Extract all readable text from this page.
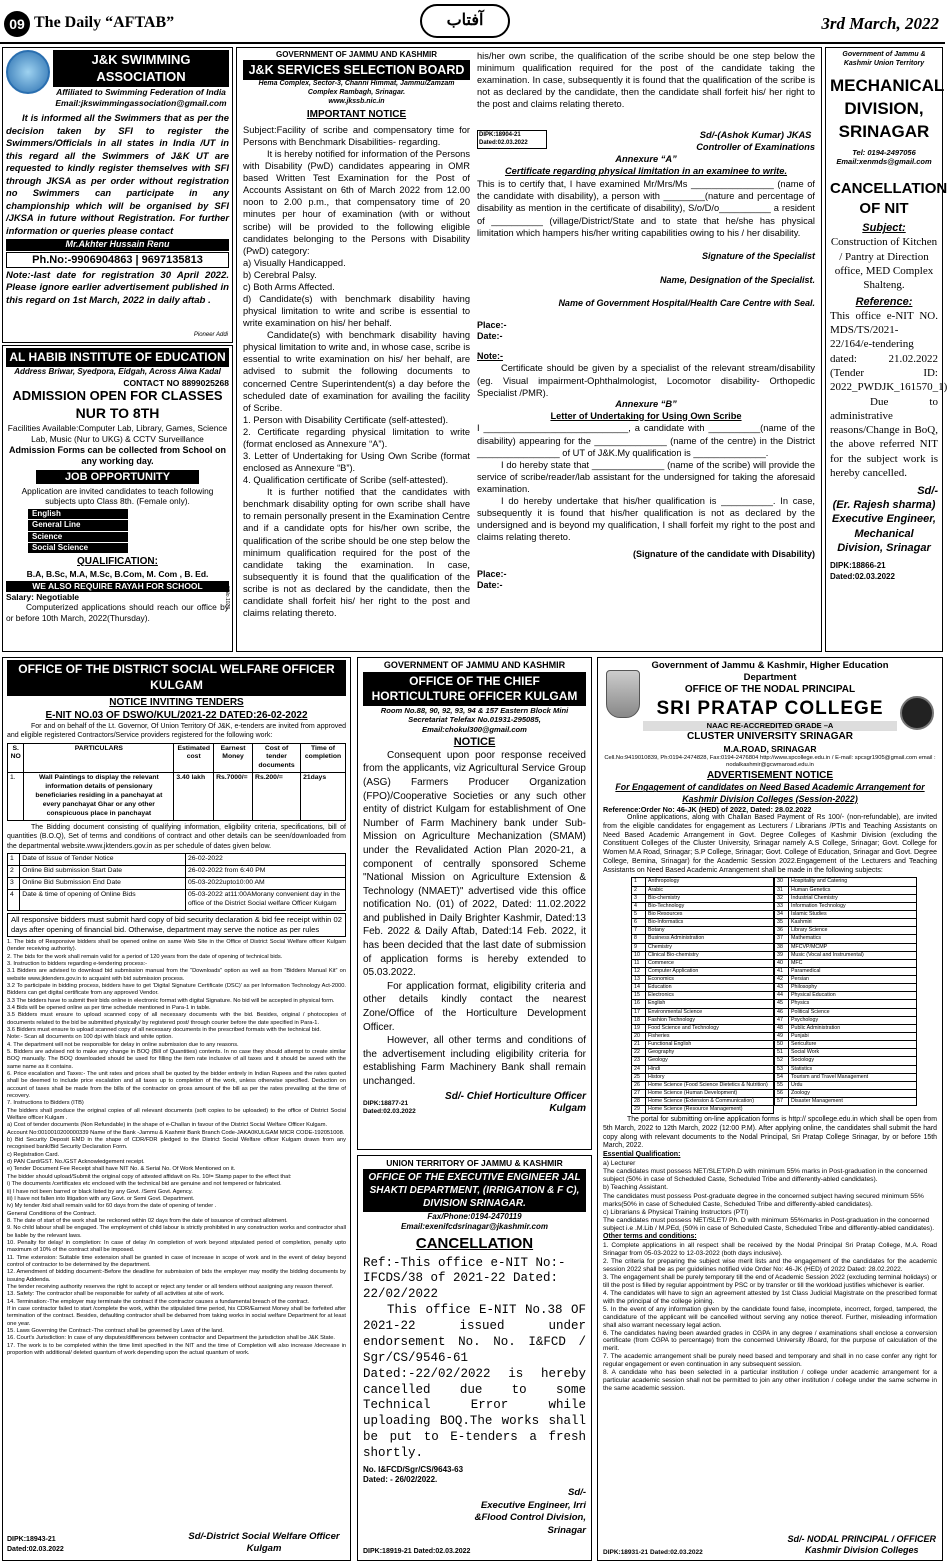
09 The Daily “AFTAB”	آفتاب	3rd March, 2022
J&K SWIMMING ASSOCIATION
Affiliated to Swimming Federation of India
Email:jkswimmingassociation@gmail.com
It is informed all the Swimmers that as per the decision taken by SFI to register the Swimmers/Officials in all states in India /UT in this regard all the Swimmers of J&K UT are requested to kindly register themselves with SFI through JKSA as per order without registration no Swimmers can participate in any championship which will be organised by SFI /JKSA in future without Registration. For further information or queries please contact
Mr.Akhter Hussain Renu
Ph.No:-9906904863 | 9697135813
Note:-last date for registration 30 April 2022. Please ignore earlier advertisement published in this regard on 1st March, 2022 in daily aftab .
Pioneer Addi
AL HABIB INSTITUTE OF EDUCATION
Address Briwar, Syedpora, Eidgah, Across Aiwa Kadal
CONTACT NO 8899025268
ADMISSION OPEN FOR CLASSES
NUR TO 8TH
Facilities Available:Computer Lab, Library, Games, Science Lab, Music (Nur to UKG) & CCTV Surveillance
Admission Forms can be collected from School on any working day.
JOB OPPORTUNITY
Application are invited candidates to teach following subjects upto Class 8th. (Female only).
English
General Line
Science
Social Science
QUALIFICATION:
B.A, B.Sc, M.A, M.Sc, B.Com, M. Com , B. Ed.
WE ALSO REQUIRE RAYAH FOR SCHOOL
Salary: Negotiable
Computerized applications should reach our office by or before 10th March, 2022(Thursday).
8/No.1023
GOVERNMENT OF JAMMU AND KASHMIR
J&K SERVICES SELECTION BOARD
Hema Complex, Sector-3, Channi Himmat, Jammu/Zamzam Complex Rambagh, Srinagar.
www.jkssb.nic.in
IMPORTANT NOTICE
Subject:Facility of scribe and compensatory time for Persons with Benchmark Disabilities- regarding.
It is hereby notified for information of the Persons with Disability (PwD) candidates appearing in OMR based Written Test Examination for the Post of Accounts Assistant on 6th of March 2022 from 12.00 noon to 2.00 p.m., that compensatory time of 20 minutes per hour of examination (with or without scribe) will be provided to the following eligible candidates belonging to the Persons with Disability (PwD) category:
a) Visually Handicapped.
b) Cerebral Palsy.
c) Both Arms Affected.
d) Candidate(s) with benchmark disability having physical limitation to write and scribe is essential to write examination on his/ her behalf.
Candidate(s) with benchmark disability having physical limitation to write and, in whose case, scribe is essential to write examination on his/ her behalf, are advised to submit the following documents to concerned Centre Superintendent(s) a day before the scheduled date of examination for availing the facility of Scribe.
1. Person with Disability Certificate (self-attested).
2. Certificate regarding physical limitation to write (format enclosed as Annexure “A”).
3. Letter of Undertaking for Using Own Scribe (format enclosed as Annexure “B”).
4. Qualification certificate of Scribe (self-attested).
It is further notified that the candidates with benchmark disability opting for own scribe shall have to remain personally present in the Examination Centre and if a candidate opts for his/her own scribe, the qualification of the scribe should be one step below the minimum qualification required for the post of the candidate taking the examination. In case, subsequently it is found that the qualification of the scribe is not as declared by the candidate, then the candidate shall forfeit his/ her right to the post and claims relating thereto.
his/her own scribe, the qualification of the scribe should be one step below the minimum qualification required for the post of the candidate taking the examination. In case, subsequently it is found that the qualification of the scribe is not as declared by the candidate, then the candidate shall forfeit his/ her right to the post and claims relating thereto.
DIPK:18904-21 Dated:02.03.2022
Sd/-(Ashok Kumar) JKAS
Controller of Examinations
Annexure “A”
Certificate regarding physical limitation in an examinee to write.
This is to certify that, I have examined Mr/Mrs/Ms ________________ (name of the candidate with disability), a person with ________(nature and percentage of disability as mention in the certificate of disability), S/o/D/o__________ a resident of __________ (village/District/State and to state that he/she has physical limitation which hampers his/her writing capabilities owing to his / her disability.
Signature of the Specialist
Name, Designation of the Specialist.
Name of Government Hospital/Health Care Centre with Seal.
Place:-
Date:-
Note:-
Certificate should be given by a specialist of the relevant stream/disability (eg. Visual impairment-Ophthalmologist, Locomotor disability- Orthopedic Specialist /PMR).
Annexure “B”
Letter of Undertaking for Using Own Scribe
I ____________________________, a candidate with __________(name of the disability) appearing for the ______________ (name of the centre) in the District ________________ of UT of J&K.My qualification is ______________.
I do hereby state that ______________ (name of the scribe) will provide the service of scribe/reader/lab assistant for the undersigned for taking the aforesaid examination.
I do hereby undertake that his/her qualification is __________. In case, subsequently it is found that his/her qualification is not as declared by the undersigned and is beyond my qualification, I shall forfeit my right to the post and claims relating thereto.
(Signature of the candidate with Disability)
Place:-
Date:-
Government of Jammu & Kashmir Union Territory
MECHANICAL DIVISION, SRINAGAR
Tel: 0194-2497056
Email:xenmds@gmail.com
CANCELLATION OF NIT
Subject:
Construction of Kitchen / Pantry at Direction office, MED Complex Shalteng.
Reference:
This office e-NIT NO. MDS/TS/2021-22/164/e-tendering dated: 21.02.2022 (Tender ID: 2022_PWDJK_161570_1)
Due to administrative reasons/Change in BoQ, the above referred NIT for the subject work is hereby cancelled.
Sd/-
(Er. Rajesh sharma)
Executive Engineer, Mechanical Division, Srinagar
DIPK:18866-21
Dated:02.03.2022
OFFICE OF THE DISTRICT SOCIAL WELFARE OFFICER KULGAM
NOTICE INVITING TENDERS
E-NIT NO.03 OF DSWO/KUL/2021-22 DATED:26-02-2022
For and on behalf of the Lt. Governor, Of Union Territory Of J&K, e-tenders are invited from approved and eligible registered Contractors/Service providers registered for the following work:
S. NO	PARTICULARS	Estimated cost	Earnest Money	Cost of tender documents	Time of completion
1.	Wall Paintings to display the relevant information details of pensionary beneficiaries residing in a panchayat at every panchayat Ghar or any other conspicuous place in panchayat	3.40 lakh	Rs.7000/=	Rs.200/=	21days
The Bidding document consisting of qualifying information, eligibility criteria, specifications, bill of quantities (B.O.Q), Set of terms and conditions of contract and other details can be seen/downloaded from the departmental website.www.jktenders.gov.in as per schedule of dates given below.
1	Date of Issue of Tender Notice	26-02-2022
2	Online Bid submission Start Date	26-02-2022 from 6:40 PM
3	Online Bid Submission End Date	05-03-2022upto10:00 AM
4	Date & time of opening of Online Bids	05-03-2022 at11:00AMorany convenient day in the office of the District Social welfare Officer Kulgam
All responsive bidders must submit hard copy of bid security declaration & bid fee receipt within 02 days after opening of financial bid. Otherwise, department may serve the notice as per rules
1. The bids of Responsive bidders shall be opened online on same Web Site in the Office of District Social Welfare officer Kulgam (tender receiving authority).
2. The bids for the work shall remain valid for a period of 120 years from the date of opening of technical bids.
3. Instruction to bidders regarding e-tendering process:-
3.1 Bidders are advised to download bid submission manual from the “Downloads” option as well as from “Bidders Manual Kit” on website www.jktenders.gov.in to acquaint with bid submission process.
3.2 To participate in bidding process, bidders have to get ‘Digital Signature Certificate (DSC)’ as per Information Technology Act-2000. Bidders can get digital certificate from any approved Vendor.
3.3 The bidders have to submit their bids online in electronic format with digital Signature. No bid will be accepted in physical form.
3.4 Bids will be opened online as per time schedule mentioned in Para-1 in table.
3.5 Bidders must ensure to upload scanned copy of all necessary documents with the bid. Besides, original / photocopies of documents related to the bid be submitted physically/ by registered post/ through courier before the date specified in Para-1.
3.6 Bidders must ensure to upload scanned copy of all necessary documents in the prescribed formats with the technical bid.
Note:- Scan all documents on 100 dpi with black and white option.
4. The department will not be responsible for delay in online submission due to any reasons.
5. Bidders are advised not to make any change in BOQ (Bill of Quantities) contents. In no case they should attempt to create similar BOQ manually. The BOQ downloaded should be used for filling the item rate inclusive of all taxes and it should be saved with the same name as it contains.
6. Price escalation and Taxes:- The unit rates and prices shall be quoted by the bidder entirely in Indian Rupees and the rates quoted shall be deemed to include price escalation and all taxes up to completion of the work, unless otherwise specified. Deduction on account of taxes shall be made from the bills of the contractor on gross amount of the bill as per the rates prevailing at the time of recovery.
7. Instructions to Bidders (ITB)
The bidders shall produce the original copies of all relevant documents (soft copies to be uploaded) to the office of District Social Welfare officer Kulgam .
a) Cost of tender documents (Non Refundable) in the shape of e-Challan in favour of the District Social Welfare Officer Kulgam.
Account No:0010010200000339 Name of the Bank -Jammu & Kashmir Bank Branch Code-JAKA0KULGAM MICR CODE-192051008.
b) Bid Security Deposit EMD in the shape of CDR/FDR pledged to the District Social Welfare officer Kulgam drawn from any recognised bank/Bid Security Declaration Form.
c) Registration Card.
d) PAN Card/GST. No./GST Acknowledgement receipt.
e) Tender Document Fee Receipt shall have NIT No. & Serial No. Of Work Mentioned on it.
The bidder should upload/Submit the original copy of attested affidavit on Rs. 10/= Stamp paper to the effect that:
i) The documents /certificates etc enclosed with the technical bid are genuine and not tempered or fabricated.
ii) I have not been barred or black listed by any Govt. /Semi Govt. Agency.
iii) I have not fallen into litigation with any Govt. or Semi Govt. Department.
iv) My tender /bid shall remain valid for 60 days from the date of opening of tender .
General Conditions of the Contract.
8. The date of start of the work shall be reckoned within 02 days from the date of issuance of contract allotment.
9. No child labour shall be engaged. The employment of child labour is strictly prohibited in any construction works and contractor shall be liable by the relevant laws.
10. Penalty for delay/ in completion: In case of delay /in completion of work beyond stipulated period of completion, penalty upto maximum of 10% of the contract shall be imposed.
11. Time extension: Suitable time extension shall be granted in case of increase in scope of work and in the event of delay beyond control of contractor to be determined by the department.
12. Amendment of bidding document:-Before the deadline for submission of bids the employer may modify the bidding documents by issuing Addenda.
The tender receiving authority reserves the right to accept or reject any tender or all tenders without assigning any reason thereof.
13. Safety: The contractor shall be responsible for safety of all activities at site of work.
14. Termination:-The employer may terminate the contract if the contractor causes a fundamental breach of the contract.
If in case contractor failed to start /complete the work, within the stipulated time period, his CDR/Earnest Money shall be forfeited after termination of the contract. Besides, defaulting contractor shall be debarred from taking works in social welfare Department for at least one year.
15. Laws Governing the Contract:-The contract shall be governed by Laws of the land.
16. Court’s Jurisdiction: In case of any disputes/differences between contractor and Department the jurisdiction shall be J&K State.
17. The work is to be completed within the time limit specified in the NIT and the time of Completion will also increase /decrease in proportion with additional/ deleted quantum of work depending upon the actual quantum of work.
DIPK:18943-21
Dated:02.03.2022
Sd/-District Social Welfare Officer
Kulgam
GOVERNMENT OF JAMMU AND KASHMIR
OFFICE OF THE CHIEF HORTICULTURE OFFICER KULGAM
Room No.88, 90, 92, 93, 94 & 157 Eastern Block Mini Secretariat Telefax No.01931-295085, Email:chokul300@gmail.com
NOTICE
Consequent upon poor response received from the applicants, viz Agricultural Service Group (ASG) Farmers Producer Organization (FPO)/Cooperative Societies or any such other entity of district Kulgam for establishment of One Number of Farm Machinery bank under Sub-Mission on Agriculture Mechanization (SMAM) under the Revalidated Action Plan 2020-21, a component of centrally sponsored Scheme "National Mission on Agriculture Extension & Technology (NMAET)" advertised vide this office notification No. (01) of 2022, Dated: 11.02.2022 and published in Daily Brighter Kashmir, Dated:13 Feb. 2022 & Daily Aftab, Dated:14 Feb. 2022, it has been decided that the last date of submission of application forms is hereby extended to 05.03.2022.
For application format, eligibility criteria and other details kindly contact the nearest Zone/Office of the Horticulture Development Officer.
However, all other terms and conditions of the advertisement including eligibility criteria for establishing Farm Machinery Bank shall remain unchanged.
DIPK:18877-21 Dated:02.03.2022
Sd/- Chief Horticulture Officer Kulgam
UNION TERRITORY OF JAMMU & KASHMIR
OFFICE OF THE EXECUTIVE ENGINEER JAL SHAKTI DEPARTMENT, (IRRIGATION & F C), DIVISION SRINAGAR.
Fax/Phone:0194-2470119 Email:exenifcdsrinagar@jkashmir.com
CANCELLATION
Ref:-This office e-NIT No:-IFCDS/38 of 2021-22 Dated: 22/02/2022
This office E-NIT No.38 OF 2021-22 issued under endorsement No. No. I&FCD / Sgr/CS/9546-61 Dated:-22/02/2022 is hereby cancelled due to some Technical Error while uploading BOQ.The works shall be put to E-tenders a fresh shortly.
No. I&FCD/Sgr/CS/9643-63
Dated: - 26/02/2022.
Sd/-
Executive Engineer, Irri &Flood Control Division, Srinagar
DIPK:18919-21 Dated:02.03.2022
Government of Jammu & Kashmir, Higher Education Department
OFFICE OF THE NODAL PRINCIPAL
SRI PRATAP COLLEGE
NAAC RE-ACCREDITED GRADE –A
CLUSTER UNIVERSITY SRINAGAR
M.A.ROAD, SRINAGAR
Cell.No:9419010839, Ph:0194-2474828, Fax:0194-2476804 http://www.spcollege.edu.in / E-mail: spcsgr1905@gmail.com email : nodalkashmir@gcwmaroad.edu.in
ADVERTISEMENT NOTICE
For Engagement of candidates on Need Based Academic Arrangement for Kashmir Division Colleges (Session-2022)
Reference:Order No: 46-JK (HED) of 2022, Dated: 28.02.2022
Online applications, along with Challan Based Payment of Rs 100/- (non-refundable), are invited from the eligible candidates for engagement as Lecturers / Librarians /PTIs and Teaching Assistants on Need Based Academic Arrangement in Govt. Degree Colleges of Kashmir Division (excluding the Constituent Colleges of the Cluster University, Srinagar namely A.S College, Srinagar; Govt. College for Women M.A Road, Srinagar; S.P College, Srinagar; Govt. College of Education, Srinagar and Govt. Degree College, Bemina, Srinagar) for the Academic Session 2022.Engagement of the Lecturers and Teaching Assistants on Need Based Academic Arrangement shall be made in the following subjects:
1	Anthropology
2	Arabic
3	Bio-chemistry
4	Bio-Technology
5	Bio Resources
6	Bio-Informatics
7	Botany
8	Business Administration
9	Chemistry
10	Clinical Bio-chemistry
11	Commerce
12	Computer Application
13	Economics
14	Education
15	Electronics
16	English
17	Environmental Science
18	Fashion Technology
19	Food Science and Technology
20	Fisheries
21	Functional English
22	Geography
23	Geology
24	Hindi
25	History
26	Home Science (Food Science Dietetics & Nutrition)
27	Home Science (Human Development)
28	Home Science (Extension & Communication)
29	Home Science (Resource Management)
30	Hospitality and Catering
31	Human Genetics
32	Industrial Chemistry
33	Information Technology
34	Islamic Studies
35	Kashmiri
36	Library Science
37	Mathematics
38	MFCVP/MCMP
39	Music (Vocal and Instrumental)
40	MFC
41	Paramedical
42	Persian
43	Philosophy
44	Physical Education
45	Physics
46	Political Science
47	Psychology
48	Public Administration
49	Punjabi
50	Sericulture
51	Social Work
52	Sociology
53	Statistics
54	Tourism and Travel Management
55	Urdu
56	Zoology
57	Disaster Management
The portal for submitting on-line application forms is http:// spcollege.edu.in which shall be open from 5th March, 2022 to 12th March, 2022 (12:00 P.M). After applying online, the candidates shall submit the hard copy along with relevant documents to the Nodal Principal, Sri Pratap College Srinagar, by or before 15th March, 2022.
Essential Qualification:
a) Lecturer
The candidates must possess NET/SLET/Ph.D with minimum 55% marks in Post-graduation in the concerned subject (50% in case of Scheduled Caste, Scheduled Tribe and differently-abled candidates).
b) Teaching Assistant.
The candidates must possess Post-graduate degree in the concerned subject having secured minimum 55% marks(50% in case of Scheduled Caste, Scheduled Tribe and differently-abled candidates).
c) Librarians & Physical Training Instructors (PTI)
The candidates must possess NET/SLET/ Ph. D with minimum 55%marks in Post-graduation in the concerned subject i.e .M.Lib / M.PEd, (50% in case of Scheduled Caste, Scheduled Tribe and differently-abled candidates).
Other terms and conditions:
1. Complete applications in all respect shall be received by the Nodal Principal Sri Pratap College, M.A. Road Srinagar from 05-03-2022 to 12-03-2022 (both days inclusive).
2. The criteria for preparing the subject wise merit lists and the engagement of the candidates for the academic session 2022 shall be as per guidelines notified vide Order No: 46-JK (HED) of 2022 Dated: 28.02.2022.
3. The engagement shall be purely temporary till the end of Academic Session 2022 (excluding terminal holidays) or till the post is filled by regular appointment by PSC or by transfer or till the workload justifies whichever is earlier.
4. The candidates will have to sign an agreement attested by 1st Class Judicial Magistrate on the prescribed format with the principal of the college joining.
5. In the event of any information given by the candidate found false, incomplete, incorrect, forged, tampered, the candidature of the applicant will be cancelled without serving any notice thereof. Further, misleading information shall also warrant necessary legal action.
6. The candidates having been awarded grades in CGPA in any degree / examinations shall enclose a conversion certificate (from CGPA to percentage) from the concerned University /Board, for the purpose of calculation of the merit.
7. The academic arrangement shall be purely need based and temporary and shall in no case confer any right for regular engagement or even continuation in any subsequent session.
8. A candidate who has been selected in a particular institution / college under academic arrangement for a particular academic session shall not be permitted to join any other institution / college under the same scheme in the same academic session.
DIPK:18931-21 Dated:02.03.2022
Sd/- NODAL PRINCIPAL / OFFICER
Kashmir Division Colleges
